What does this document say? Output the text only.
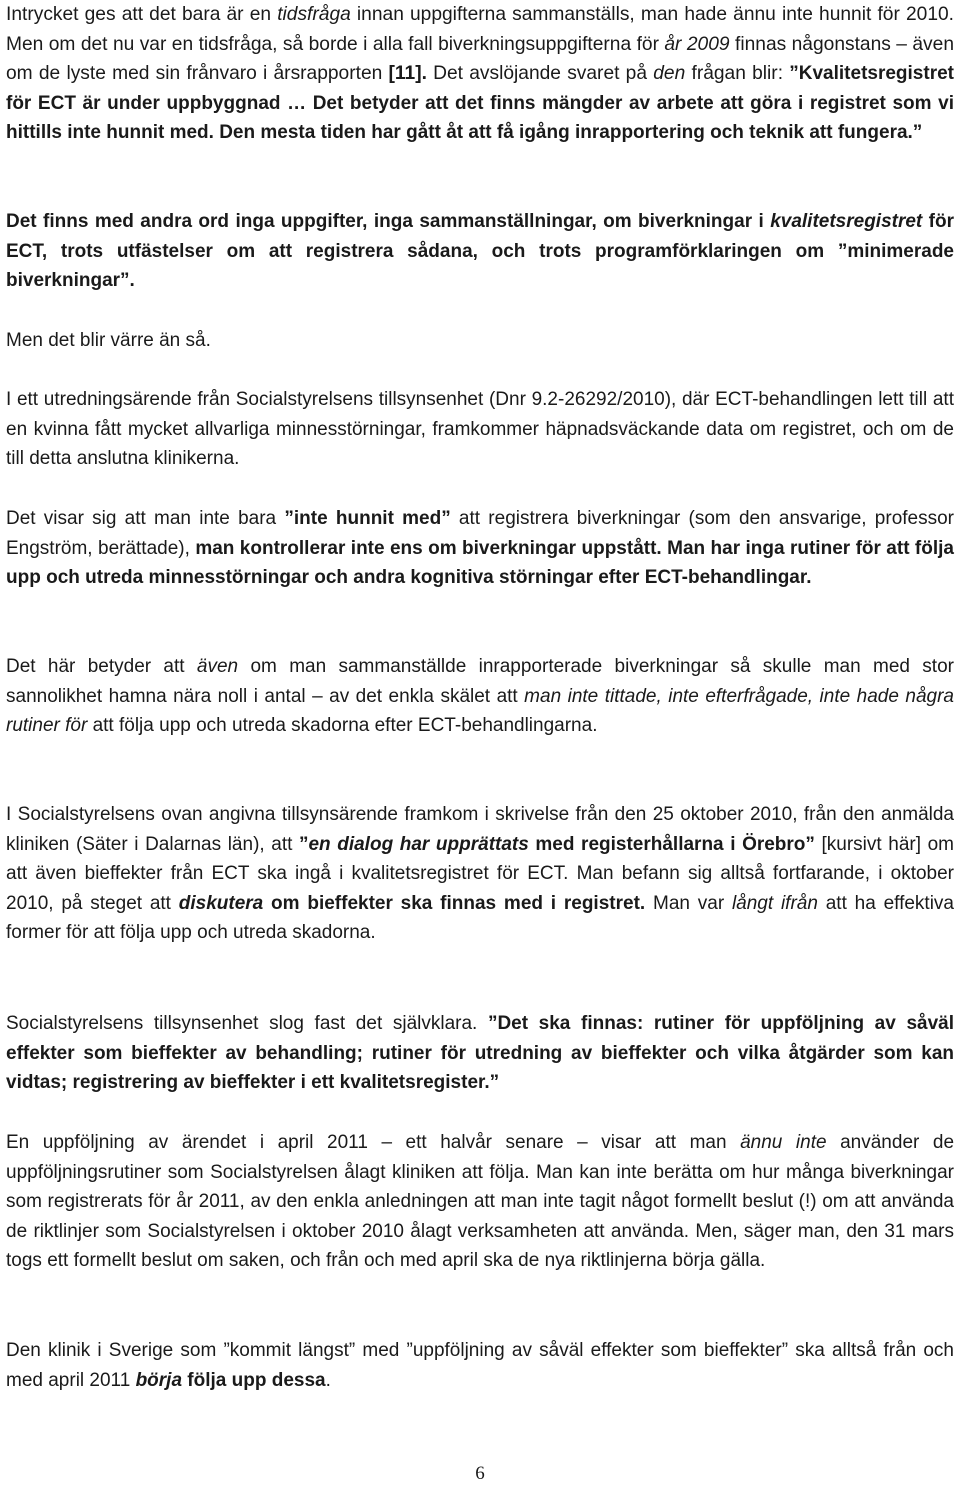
Intrycket ges att det bara är en tidsfråga innan uppgifterna sammanställs, man hade ännu inte hunnit för 2010. Men om det nu var en tidsfråga, så borde i alla fall biverkningsuppgifterna för år 2009 finnas någonstans – även om de lyste med sin frånvaro i årsrapporten [11]. Det avslöjande svaret på den frågan blir: ”Kvalitetsregistret för ECT är under uppbyggnad … Det betyder att det finns mängder av arbete att göra i registret som vi hittills inte hunnit med. Den mesta tiden har gått åt att få igång inrapportering och teknik att fungera.”

Det finns med andra ord inga uppgifter, inga sammanställningar, om biverkningar i kvalitetsregistret för ECT, trots utfästelser om att registrera sådana, och trots programförklaringen om ”minimerade biverkningar”.

Men det blir värre än så.

I ett utredningsärende från Socialstyrelsens tillsynsenhet (Dnr 9.2-26292/2010), där ECT-behandlingen lett till att en kvinna fått mycket allvarliga minnesstörningar, framkommer häpnadsväckande data om registret, och om de till detta anslutna klinikerna.

Det visar sig att man inte bara ”inte hunnit med” att registrera biverkningar (som den ansvarige, professor Engström, berättade), man kontrollerar inte ens om biverkningar uppstått. Man har inga rutiner för att följa upp och utreda minnesstörningar och andra kognitiva störningar efter ECT-behandlingar.

Det här betyder att även om man sammanställde inrapporterade biverkningar så skulle man med stor sannolikhet hamna nära noll i antal – av det enkla skälet att man inte tittade, inte efterfrågade, inte hade några rutiner för att följa upp och utreda skadorna efter ECT-behandlingarna.

I Socialstyrelsens ovan angivna tillsynsärende framkom i skrivelse från den 25 oktober 2010, från den anmälda kliniken (Säter i Dalarnas län), att ”en dialog har upprättats med registerhållarna i Örebro” [kursivt här] om att även bieffekter från ECT ska ingå i kvalitetsregistret för ECT. Man befann sig alltså fortfarande, i oktober 2010, på steget att diskutera om bieffekter ska finnas med i registret. Man var långt ifrån att ha effektiva former för att följa upp och utreda skadorna.

Socialstyrelsens tillsynsenhet slog fast det självklara. ”Det ska finnas: rutiner för uppföljning av såväl effekter som bieffekter av behandling; rutiner för utredning av bieffekter och vilka åtgärder som kan vidtas; registrering av bieffekter i ett kvalitetsregister.”

En uppföljning av ärendet i april 2011 – ett halvår senare – visar att man ännu inte använder de uppföljningsrutiner som Socialstyrelsen ålagt kliniken att följa. Man kan inte berätta om hur många biverkningar som registrerats för år 2011, av den enkla anledningen att man inte tagit något formellt beslut (!) om att använda de riktlinjer som Socialstyrelsen i oktober 2010 ålagt verksamheten att använda. Men, säger man, den 31 mars togs ett formellt beslut om saken, och från och med april ska de nya riktlinjerna börja gälla.

Den klinik i Sverige som ”kommit längst” med ”uppföljning av såväl effekter som bieffekter” ska alltså från och med april 2011 börja följa upp dessa.

6
